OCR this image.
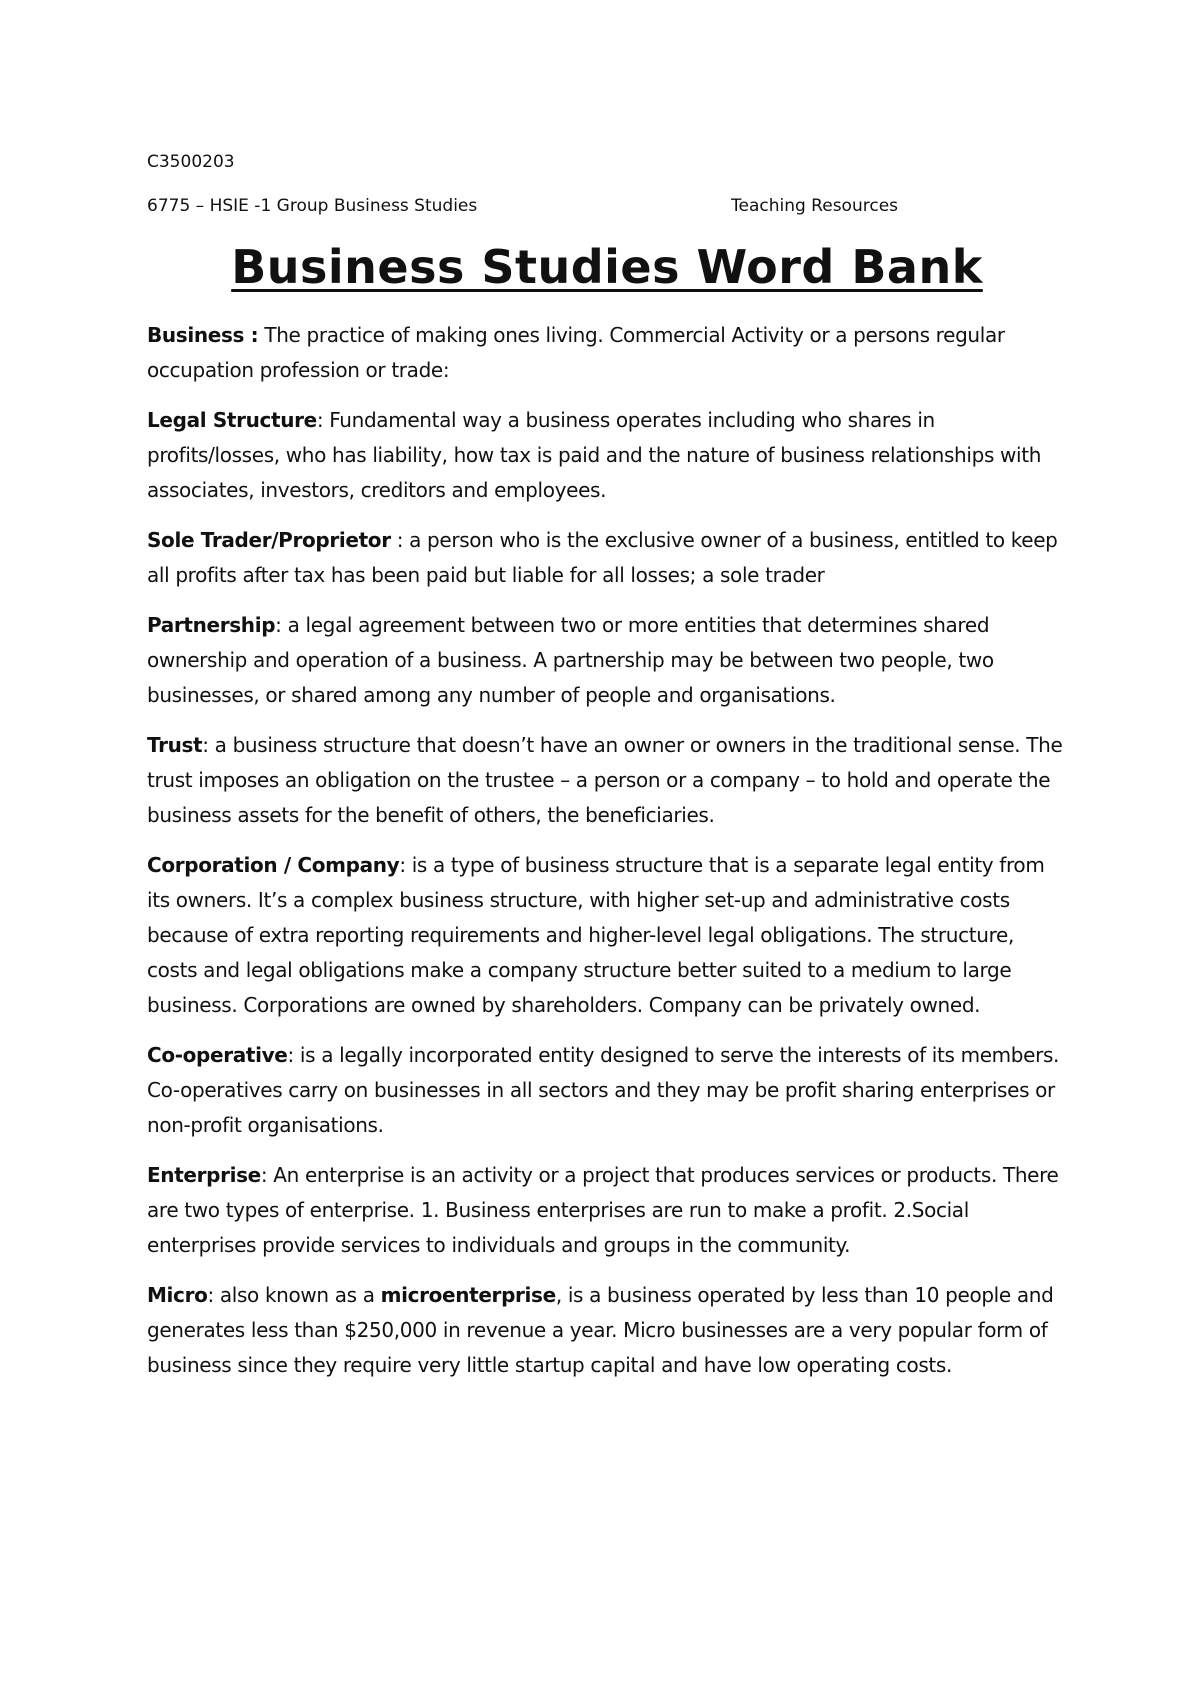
C3500203

6775 – HSIE -1 Group Business Studies	Teaching Resources
Business Studies Word Bank

Business : The practice of making ones living. Commercial Activity or a persons regular occupation profession or trade:

Legal Structure: Fundamental way a business operates including who shares in profits/losses, who has liability, how tax is paid and the nature of business relationships with associates, investors, creditors and employees.

Sole Trader/Proprietor : a person who is the exclusive owner of a business, entitled to keep all profits after tax has been paid but liable for all losses; a sole trader

Partnership: a legal agreement between two or more entities that determines shared ownership and operation of a business. A partnership may be between two people, two businesses, or shared among any number of people and organisations.

Trust: a business structure that doesn’t have an owner or owners in the traditional sense. The trust imposes an obligation on the trustee – a person or a company – to hold and operate the business assets for the benefit of others, the beneficiaries.

Corporation / Company: is a type of business structure that is a separate legal entity from its owners. It’s a complex business structure, with higher set-up and administrative costs because of extra reporting requirements and higher-level legal obligations. The structure, costs and legal obligations make a company structure better suited to a medium to large business. Corporations are owned by shareholders. Company can be privately owned.

Co-operative: is a legally incorporated entity designed to serve the interests of its members. Co-operatives carry on businesses in all sectors and they may be profit sharing enterprises or non-profit organisations.

Enterprise: An enterprise is an activity or a project that produces services or products. There are two types of enterprise. 1. Business enterprises are run to make a profit. 2.Social enterprises provide services to individuals and groups in the community.

Micro: also known as a microenterprise, is a business operated by less than 10 people and generates less than $250,000 in revenue a year. Micro businesses are a very popular form of business since they require very little startup capital and have low operating costs.
